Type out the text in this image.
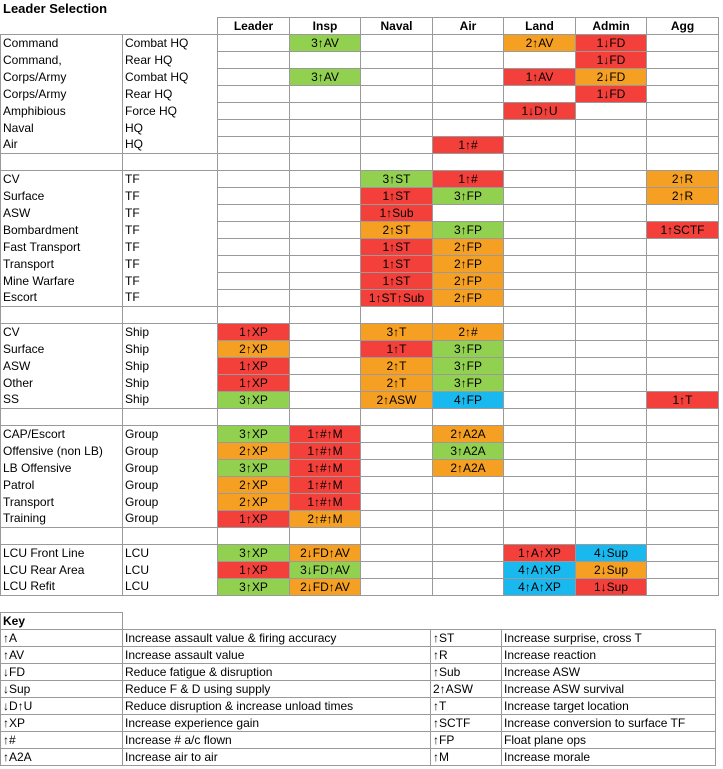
Leader Selection
		Leader	Insp	Naval	Air	Land	Admin	Agg
Command	Combat HQ		3↑AV			2↑AV	1↓FD	
Command,	Rear HQ						1↓FD	
Corps/Army	Combat HQ		3↑AV			1↑AV	2↓FD	
Corps/Army	Rear HQ						1↓FD	
Amphibious	Force HQ					1↓D↑U		
Naval	HQ							
Air	HQ				1↑#			

CV	TF			3↑ST	1↑#			2↑R
Surface	TF			1↑ST	3↑FP			2↑R
ASW	TF			1↑Sub				
Bombardment	TF			2↑ST	3↑FP			1↑SCTF
Fast Transport	TF			1↑ST	2↑FP			
Transport	TF			1↑ST	2↑FP			
Mine Warfare	TF			1↑ST	2↑FP			
Escort	TF			1↑ST↑Sub	2↑FP			

CV	Ship	1↑XP		3↑T	2↑#			
Surface	Ship	2↑XP		1↑T	3↑FP			
ASW	Ship	1↑XP		2↑T	3↑FP			
Other	Ship	1↑XP		2↑T	3↑FP			
SS	Ship	3↑XP		2↑ASW	4↑FP			1↑T

CAP/Escort	Group	3↑XP	1↑#↑M		2↑A2A			
Offensive (non LB)	Group	2↑XP	1↑#↑M		3↑A2A			
LB Offensive	Group	3↑XP	1↑#↑M		2↑A2A			
Patrol	Group	2↑XP	1↑#↑M					
Transport	Group	2↑XP	1↑#↑M					
Training	Group	1↑XP	2↑#↑M					

LCU Front Line	LCU	3↑XP	2↓FD↑AV			1↑A↑XP	4↓Sup	
LCU Rear Area	LCU	1↑XP	3↓FD↑AV			4↑A↑XP	2↓Sup	
LCU Refit	LCU	3↑XP	2↓FD↑AV			4↑A↑XP	1↓Sup	
Key			
↑A	Increase assault value & firing accuracy	↑ST	Increase surprise, cross T
↑AV	Increase assault value	↑R	Increase reaction
↓FD	Reduce fatigue & disruption	↑Sub	Increase ASW
↓Sup	Reduce F & D using supply	2↑ASW	Increase ASW survival
↓D↑U	Reduce disruption & increase unload times	↑T	Increase target location
↑XP	Increase experience gain	↑SCTF	Increase conversion to surface TF
↑#	Increase # a/c flown	↑FP	Float plane ops
↑A2A	Increase air to air	↑M	Increase morale
